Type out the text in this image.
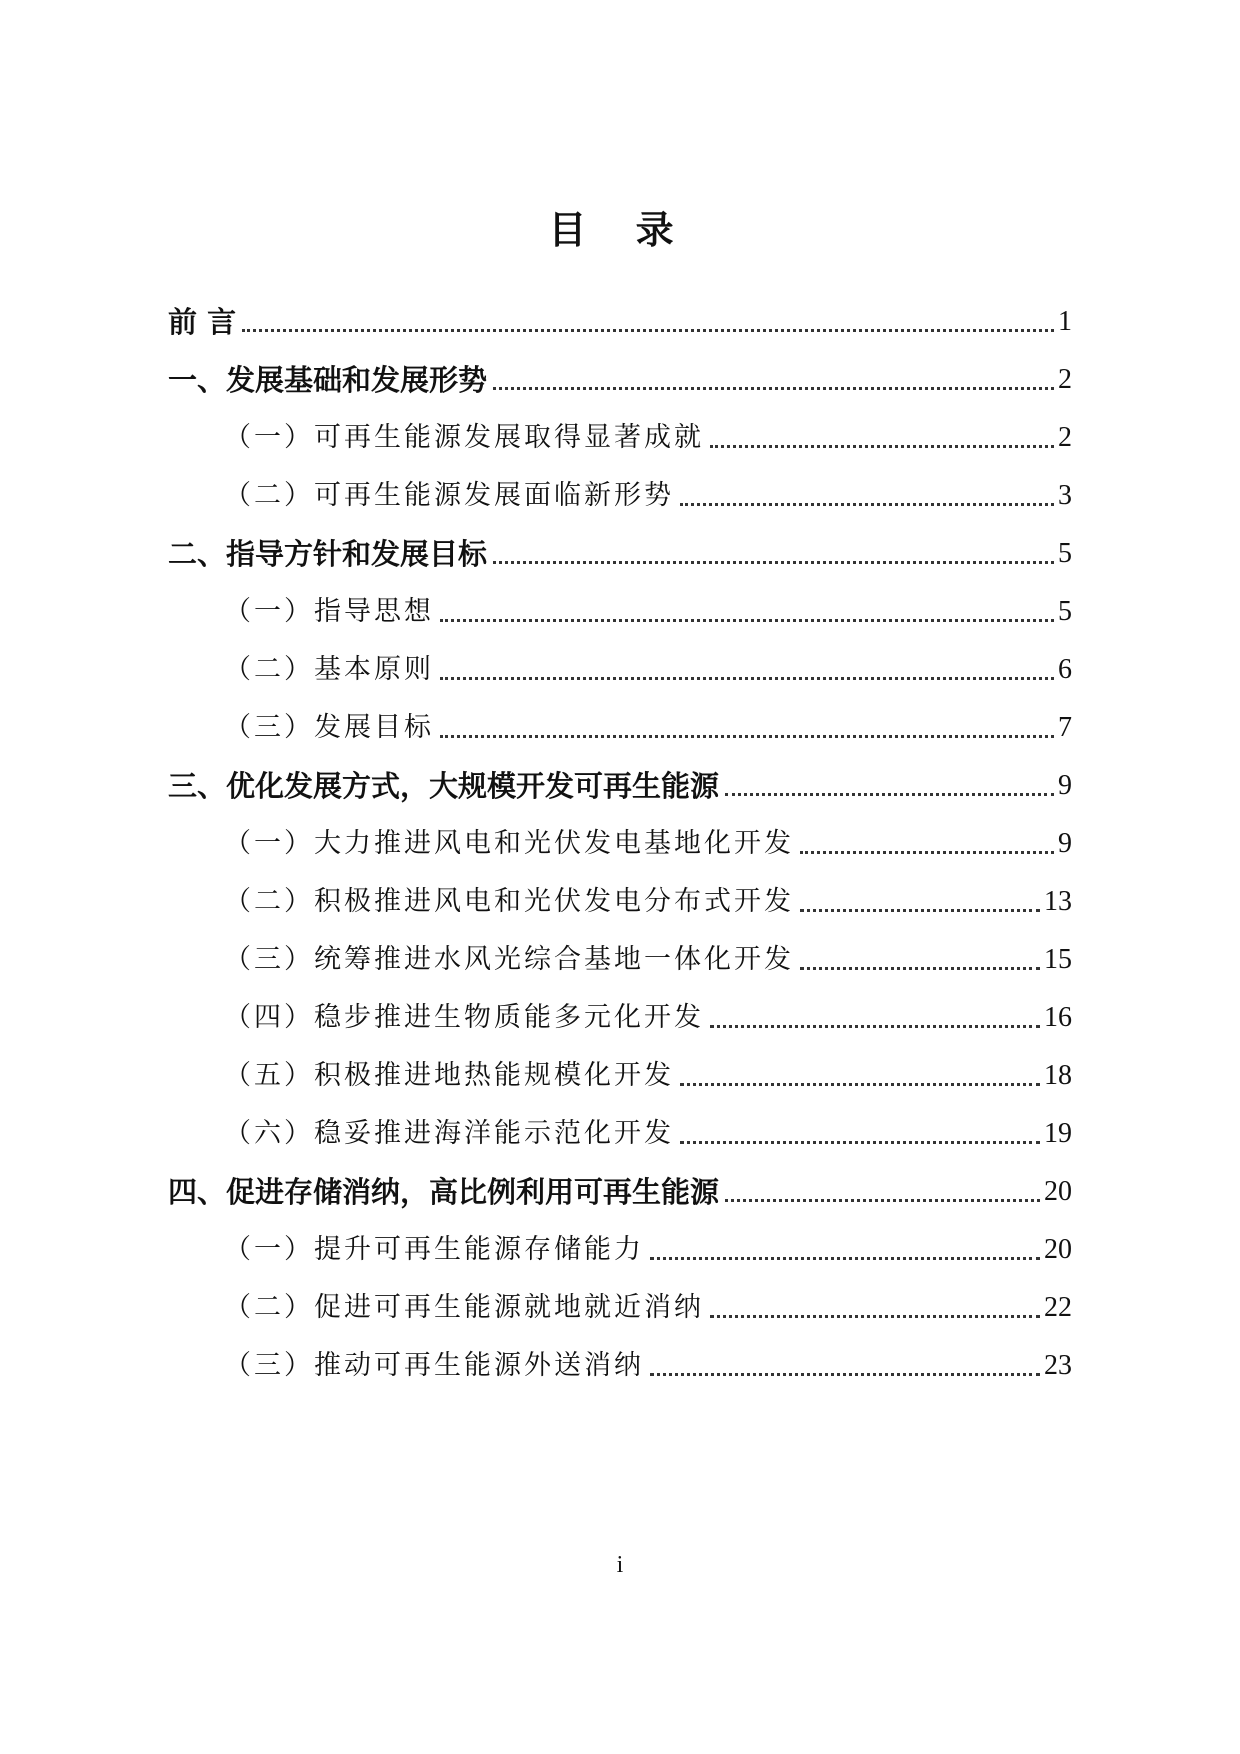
目 录
前 言	1
一、发展基础和发展形势	2
（一）可再生能源发展取得显著成就	2
（二）可再生能源发展面临新形势	3
二、指导方针和发展目标	5
（一）指导思想	5
（二）基本原则	6
（三）发展目标	7
三、优化发展方式，大规模开发可再生能源	9
（一）大力推进风电和光伏发电基地化开发	9
（二）积极推进风电和光伏发电分布式开发	13
（三）统筹推进水风光综合基地一体化开发	15
（四）稳步推进生物质能多元化开发	16
（五）积极推进地热能规模化开发	18
（六）稳妥推进海洋能示范化开发	19
四、促进存储消纳，高比例利用可再生能源	20
（一）提升可再生能源存储能力	20
（二）促进可再生能源就地就近消纳	22
（三）推动可再生能源外送消纳	23
i
